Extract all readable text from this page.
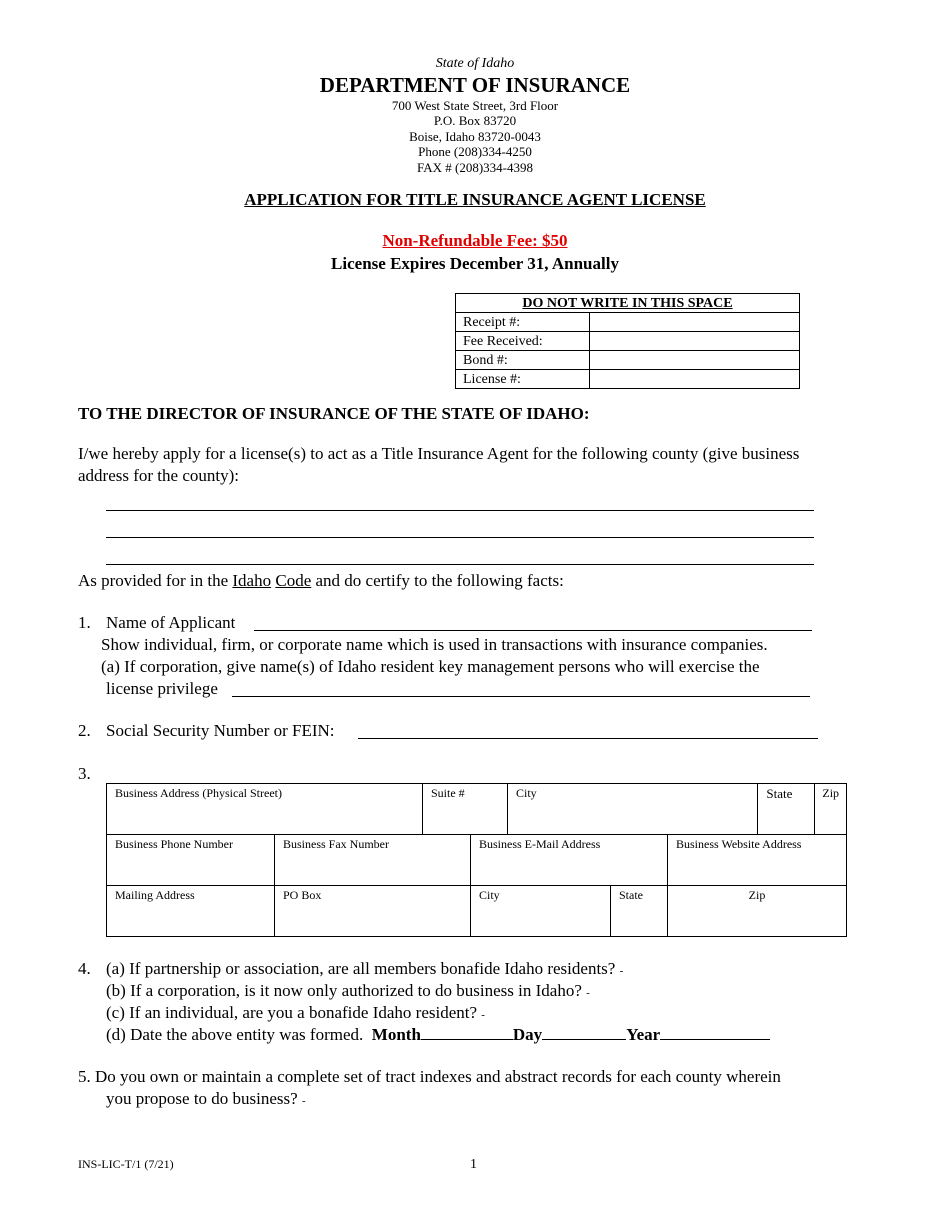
State of Idaho
DEPARTMENT OF INSURANCE
700 West State Street, 3rd Floor
P.O. Box 83720
Boise, Idaho 83720-0043
Phone (208)334-4250
FAX # (208)334-4398
APPLICATION FOR TITLE INSURANCE AGENT LICENSE
Non-Refundable Fee: $50
License Expires December 31, Annually
DO NOT WRITE IN THIS SPACE	
Receipt #:	
Fee Received:	
Bond #:	
License #:	
TO THE DIRECTOR OF INSURANCE OF THE STATE OF IDAHO:
I/we hereby apply for a license(s) to act as a Title Insurance Agent for the following county (give business address for the county):
As provided for in the Idaho Code and do certify to the following facts:
1. Name of Applicant
Show individual, firm, or corporate name which is used in transactions with insurance companies.
(a) If corporation, give name(s) of Idaho resident key management persons who will exercise the
license privilege
2. Social Security Number or FEIN:
3.
Business Address (Physical Street)	Suite #	City	State	Zip
Business Phone Number	Business Fax Number	Business E-Mail Address	Business Website Address
Mailing Address	PO Box	City	State	Zip
4. (a) If partnership or association, are all members bonafide Idaho residents? -
(b) If a corporation, is it now only authorized to do business in Idaho? -
(c) If an individual, are you a bonafide Idaho resident? -
(d) Date the above entity was formed. Month	Day	Year
5. Do you own or maintain a complete set of tract indexes and abstract records for each county wherein
you propose to do business? -
INS-LIC-T/1 (7/21)	1
